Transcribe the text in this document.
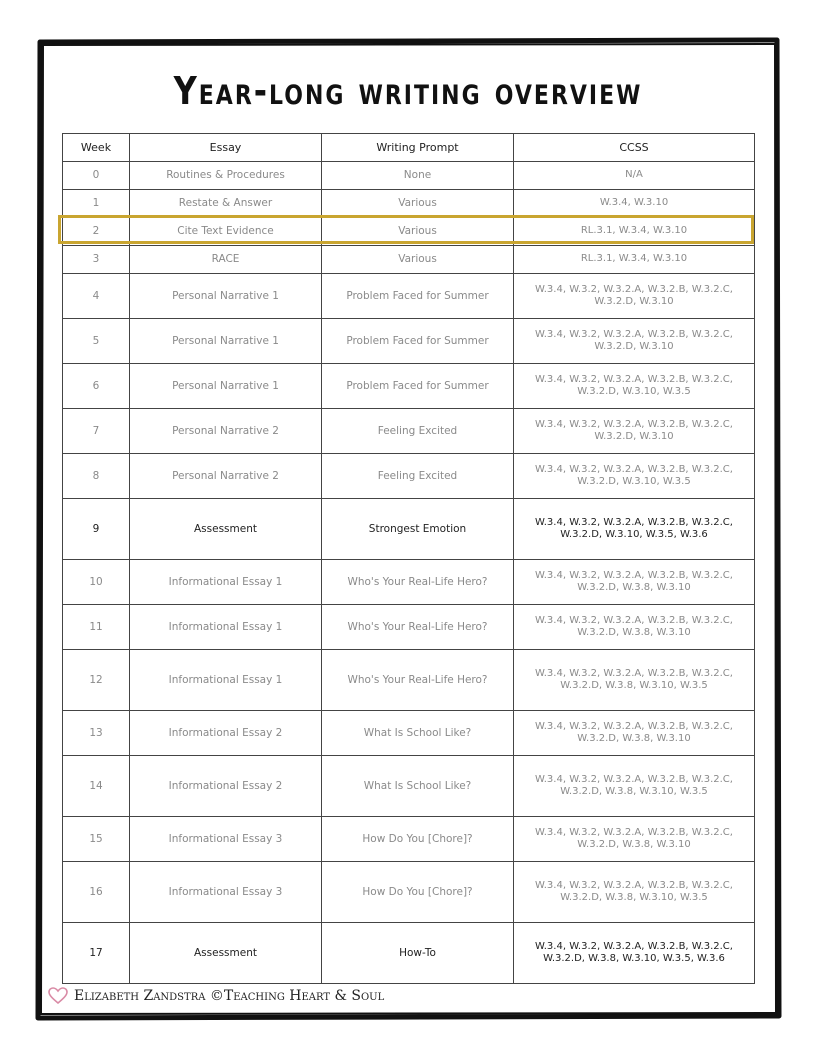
Year-long writing overview
Week	Essay	Writing Prompt	CCSS
0	Routines & Procedures	None	N/A
1	Restate & Answer	Various	W.3.4, W.3.10
2	Cite Text Evidence	Various	RL.3.1, W.3.4, W.3.10
3	RACE	Various	RL.3.1, W.3.4, W.3.10
4	Personal Narrative 1	Problem Faced for Summer	W.3.4, W.3.2, W.3.2.A, W.3.2.B, W.3.2.C, W.3.2.D, W.3.10
5	Personal Narrative 1	Problem Faced for Summer	W.3.4, W.3.2, W.3.2.A, W.3.2.B, W.3.2.C, W.3.2.D, W.3.10
6	Personal Narrative 1	Problem Faced for Summer	W.3.4, W.3.2, W.3.2.A, W.3.2.B, W.3.2.C, W.3.2.D, W.3.10, W.3.5
7	Personal Narrative 2	Feeling Excited	W.3.4, W.3.2, W.3.2.A, W.3.2.B, W.3.2.C, W.3.2.D, W.3.10
8	Personal Narrative 2	Feeling Excited	W.3.4, W.3.2, W.3.2.A, W.3.2.B, W.3.2.C, W.3.2.D, W.3.10, W.3.5
9	Assessment	Strongest Emotion	W.3.4, W.3.2, W.3.2.A, W.3.2.B, W.3.2.C, W.3.2.D, W.3.10, W.3.5, W.3.6
10	Informational Essay 1	Who's Your Real-Life Hero?	W.3.4, W.3.2, W.3.2.A, W.3.2.B, W.3.2.C, W.3.2.D, W.3.8, W.3.10
11	Informational Essay 1	Who's Your Real-Life Hero?	W.3.4, W.3.2, W.3.2.A, W.3.2.B, W.3.2.C, W.3.2.D, W.3.8, W.3.10
12	Informational Essay 1	Who's Your Real-Life Hero?	W.3.4, W.3.2, W.3.2.A, W.3.2.B, W.3.2.C, W.3.2.D, W.3.8, W.3.10, W.3.5
13	Informational Essay 2	What Is School Like?	W.3.4, W.3.2, W.3.2.A, W.3.2.B, W.3.2.C, W.3.2.D, W.3.8, W.3.10
14	Informational Essay 2	What Is School Like?	W.3.4, W.3.2, W.3.2.A, W.3.2.B, W.3.2.C, W.3.2.D, W.3.8, W.3.10, W.3.5
15	Informational Essay 3	How Do You [Chore]?	W.3.4, W.3.2, W.3.2.A, W.3.2.B, W.3.2.C, W.3.2.D, W.3.8, W.3.10
16	Informational Essay 3	How Do You [Chore]?	W.3.4, W.3.2, W.3.2.A, W.3.2.B, W.3.2.C, W.3.2.D, W.3.8, W.3.10, W.3.5
17	Assessment	How-To	W.3.4, W.3.2, W.3.2.A, W.3.2.B, W.3.2.C, W.3.2.D, W.3.8, W.3.10, W.3.5, W.3.6
Elizabeth Zandstra ©Teaching Heart & Soul
